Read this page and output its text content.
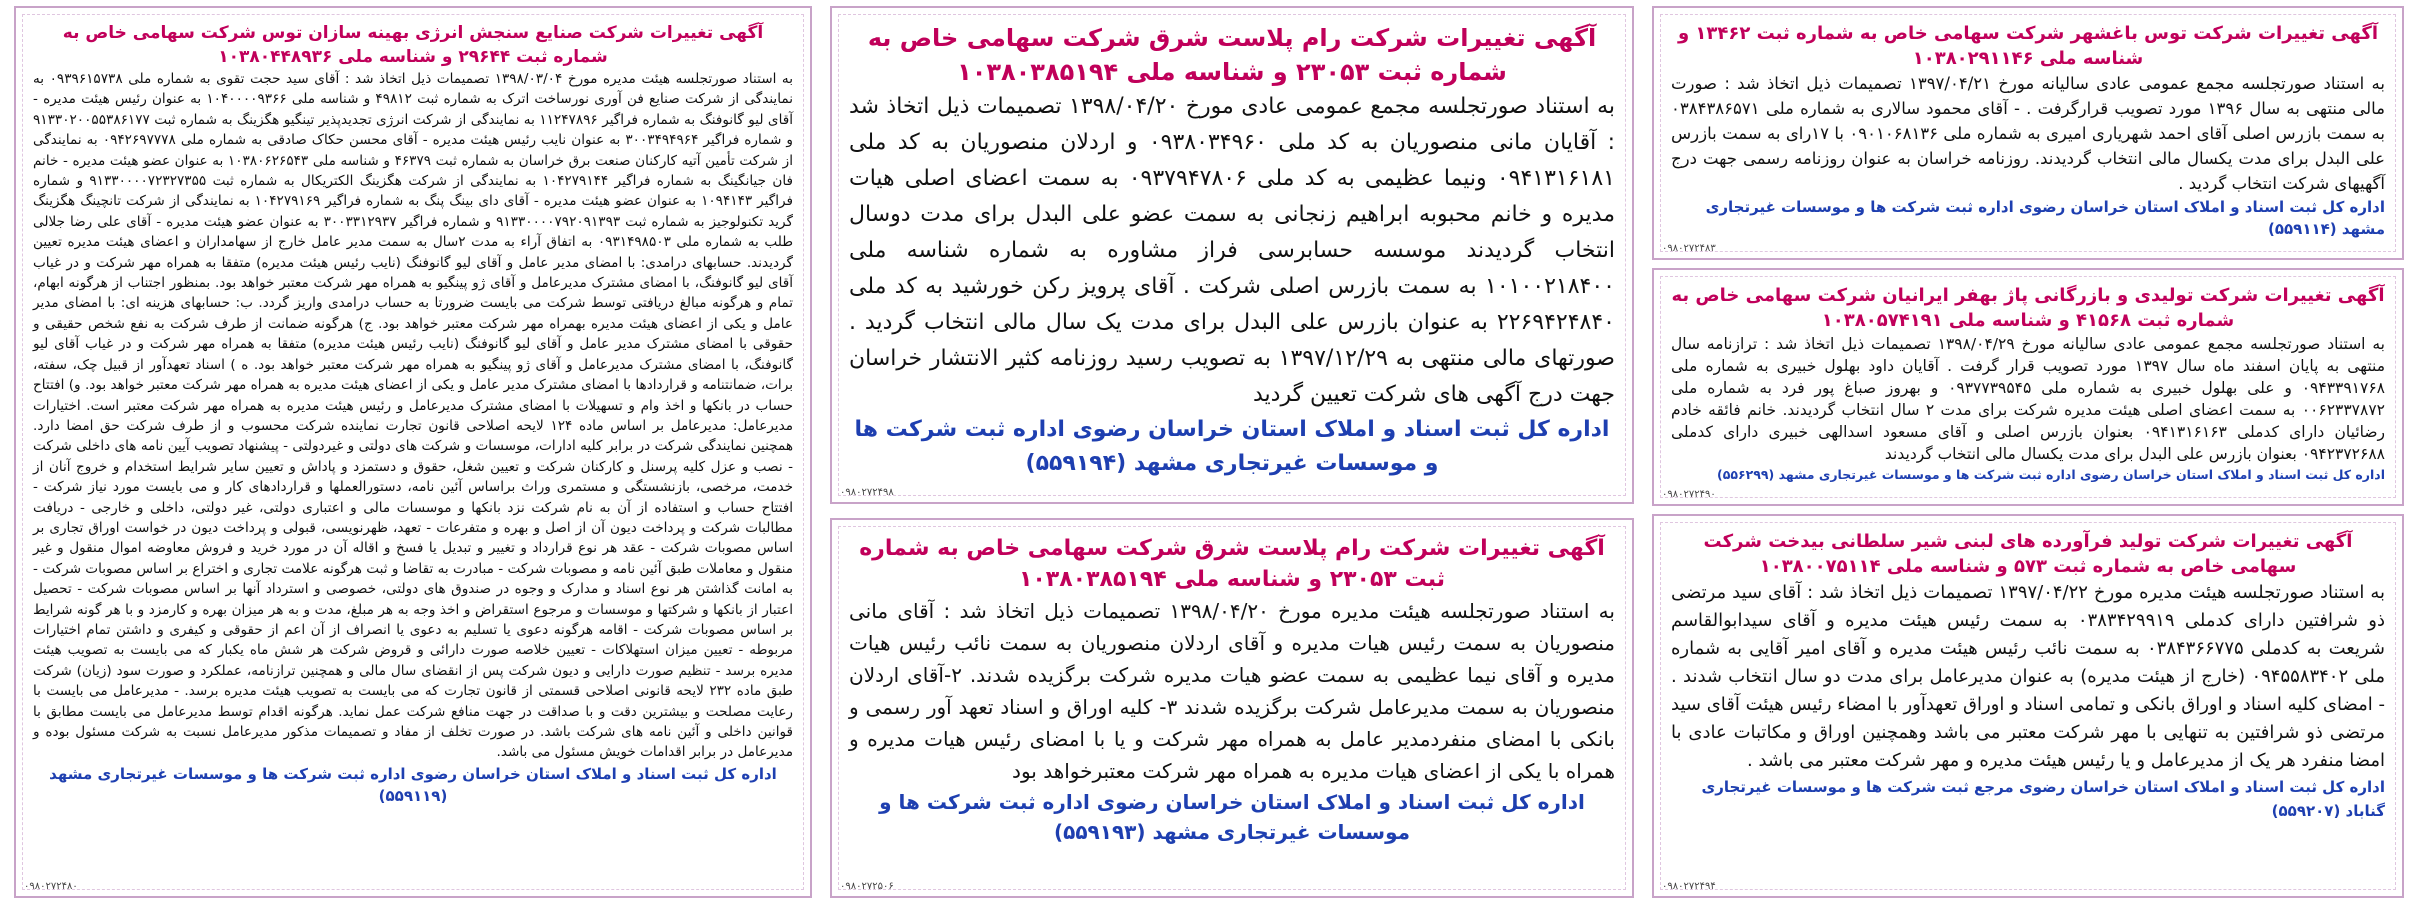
آگهی تغییرات شرکت توس باغشهر شرکت سهامی خاص به شماره ثبت ۱۳۴۶۲ و شناسه ملی ۱۰۳۸۰۲۹۱۱۴۶

به استناد صورتجلسه مجمع عمومی عادی سالیانه مورخ ۱۳۹۷/۰۴/۲۱ تصمیمات ذیل اتخاذ شد : صورت مالی منتهی به سال ۱۳۹۶ مورد تصویب قرارگرفت . - آقای محمود سالاری به شماره ملی ۰۳۸۴۳۸۶۵۷۱ به سمت بازرس اصلی آقای احمد شهریاری امیری به شماره ملی ۰۹۰۱۰۶۸۱۳۶ با ۱۷رای به سمت بازرس علی البدل برای مدت یکسال مالی انتخاب گردیدند. روزنامه خراسان به عنوان روزنامه رسمی جهت درج آگهیهای شرکت انتخاب گردید .

اداره کل ثبت اسناد و املاک استان خراسان رضوی اداره ثبت شرکت ها و موسسات غیرتجاری مشهد (۵۵۹۱۱۴)

۰۹۸۰۲۷۲۴۸۳

آگهی تغییرات شرکت تولیدی و بازرگانی پاژ بهفر ایرانیان شرکت سهامی خاص به شماره ثبت ۴۱۵۶۸ و شناسه ملی ۱۰۳۸۰۵۷۴۱۹۱

به استناد صورتجلسه مجمع عمومی عادی سالیانه مورخ ۱۳۹۸/۰۴/۲۹ تصمیمات ذیل اتخاذ شد : ترازنامه سال منتهی به پایان اسفند ماه سال ۱۳۹۷ مورد تصویب قرار گرفت . آقایان داود بهلول خبیری به شماره ملی ۰۹۴۳۳۹۱۷۶۸ و علی بهلول خبیری به شماره ملی ۰۹۳۷۷۳۹۵۴۵ و بهروز صباغ پور فرد به شماره ملی ۰۰۶۲۳۳۷۸۷۲ به سمت اعضای اصلی هیئت مدیره شرکت برای مدت ۲ سال انتخاب گردیدند. خانم فائقه خادم رضائیان دارای کدملی ۰۹۴۱۳۱۶۱۶۳ بعنوان بازرس اصلی و آقای مسعود اسدالهی خبیری دارای کدملی ۰۹۴۲۳۷۲۶۸۸ بعنوان بازرس علی البدل برای مدت یکسال مالی انتخاب گردیدند

اداره کل ثبت اسناد و املاک استان خراسان رضوی اداره ثبت شرکت ها و موسسات غیرتجاری مشهد (۵۵۶۲۹۹)

۰۹۸۰۲۷۲۴۹۰

آگهی تغییرات شرکت تولید فرآورده های لبنی شیر سلطانی بیدخت شرکت سهامی خاص به شماره ثبت ۵۷۳ و شناسه ملی ۱۰۳۸۰۰۷۵۱۱۴

به استناد صورتجلسه هیئت مدیره مورخ ۱۳۹۷/۰۴/۲۲ تصمیمات ذیل اتخاذ شد : آقای سید مرتضی ذو شرافتین دارای کدملی ۰۳۸۳۴۲۹۹۱۹ به سمت رئیس هیئت مدیره و آقای سیدابوالقاسم شریعت به کدملی ۰۳۸۴۳۶۶۷۷۵ به سمت نائب رئیس هیئت مدیره و آقای امیر آقایی به شماره ملی ۰۹۴۵۵۸۳۴۰۲ (خارج از هیئت مدیره) به عنوان مدیرعامل برای مدت دو سال انتخاب شدند . - امضای کلیه اسناد و اوراق بانکی و تمامی اسناد و اوراق تعهدآور با امضاء رئیس هیئت آقای سید مرتضی ذو شرافتین به تنهایی با مهر شرکت معتبر می باشد وهمچنین اوراق و مکاتبات عادی با امضا منفرد هر یک از مدیرعامل و یا رئیس هیئت مدیره و مهر شرکت معتبر می باشد .

اداره کل ثبت اسناد و املاک استان خراسان رضوی مرجع ثبت شرکت ها و موسسات غیرتجاری گناباد (۵۵۹۲۰۷)

۰۹۸۰۲۷۲۴۹۴

آگهی تغییرات شرکت رام پلاست شرق شرکت سهامی خاص به شماره ثبت ۲۳۰۵۳ و شناسه ملی ۱۰۳۸۰۳۸۵۱۹۴

به استناد صورتجلسه مجمع عمومی عادی مورخ ۱۳۹۸/۰۴/۲۰ تصمیمات ذیل اتخاذ شد : آقایان مانی منصوریان به کد ملی ۰۹۳۸۰۳۴۹۶۰ و اردلان منصوریان به کد ملی ۰۹۴۱۳۱۶۱۸۱ ونیما عظیمی به کد ملی ۰۹۳۷۹۴۷۸۰۶ به سمت اعضای اصلی هیات مدیره و خانم محبوبه ابراهیم زنجانی به سمت عضو علی البدل برای مدت دوسال انتخاب گردیدند موسسه حسابرسی فراز مشاوره به شماره شناسه ملی ۱۰۱۰۰۲۱۸۴۰۰ به سمت بازرس اصلی شرکت . آقای پرویز رکن خورشید به کد ملی ۲۲۶۹۴۲۴۸۴۰ به عنوان بازرس علی البدل برای مدت یک سال مالی انتخاب گردید . صورتهای مالی منتهی به ۱۳۹۷/۱۲/۲۹ به تصویب رسید روزنامه کثیر الانتشار خراسان جهت درج آگهی های شرکت تعیین گردید

اداره کل ثبت اسناد و املاک استان خراسان رضوی اداره ثبت شرکت ها و موسسات غیرتجاری مشهد (۵۵۹۱۹۴)

۰۹۸۰۲۷۲۴۹۸

آگهی تغییرات شرکت رام پلاست شرق شرکت سهامی خاص به شماره ثبت ۲۳۰۵۳ و شناسه ملی ۱۰۳۸۰۳۸۵۱۹۴

به استناد صورتجلسه هیئت مدیره مورخ ۱۳۹۸/۰۴/۲۰ تصمیمات ذیل اتخاذ شد : آقای مانی منصوریان به سمت رئیس هیات مدیره و آقای اردلان منصوریان به سمت نائب رئیس هیات مدیره و آقای نیما عظیمی به سمت عضو هیات مدیره شرکت برگزیده شدند. ۲-آقای اردلان منصوریان به سمت مدیرعامل شرکت برگزیده شدند ۳- کلیه اوراق و اسناد تعهد آور رسمی و بانکی با امضای منفردمدیر عامل به همراه مهر شرکت و یا با امضای رئیس هیات مدیره و همراه با یکی از اعضای هیات مدیره به همراه مهر شرکت معتبرخواهد بود

اداره کل ثبت اسناد و املاک استان خراسان رضوی اداره ثبت شرکت ها و موسسات غیرتجاری مشهد (۵۵۹۱۹۳)

۰۹۸۰۲۷۲۵۰۶

آگهی تغییرات شرکت صنایع سنجش انرژی بهینه سازان توس شرکت سهامی خاص به شماره ثبت ۲۹۶۴۴ و شناسه ملی ۱۰۳۸۰۴۴۸۹۳۶

به استناد صورتجلسه هیئت مدیره مورخ ۱۳۹۸/۰۳/۰۴ تصمیمات ذیل اتخاذ شد : آقای سید حجت تقوی به شماره ملی ۰۹۳۹۶۱۵۷۳۸ به نمایندگی از شرکت صنایع فن آوری نورساخت اترک به شماره ثبت ۴۹۸۱۲ و شناسه ملی ۱۰۴۰۰۰۰۹۳۶۶ به عنوان رئیس هیئت مدیره - آقای لیو گانوفنگ به شماره فراگیر ۱۱۲۴۷۸۹۶ به نمایندگی از شرکت انرژی تجدیدپذیر تینگیو هگزینگ به شماره ثبت ۹۱۳۳۰۲۰۰۵۵۳۸۶۱۷۷ و شماره فراگیر ۳۰۰۳۴۹۴۹۶۴ به عنوان نایب رئیس هیئت مدیره - آقای محسن حکاک صادقی به شماره ملی ۰۹۴۲۶۹۷۷۷۸ به نمایندگی از شرکت تأمین آتیه کارکنان صنعت برق خراسان به شماره ثبت ۴۶۳۷۹ و شناسه ملی ۱۰۳۸۰۶۲۶۵۴۳ به عنوان عضو هیئت مدیره - خانم فان جیانگینگ به شماره فراگیر ۱۰۴۲۷۹۱۴۴ به نمایندگی از شرکت هگزینگ الکتریکال به شماره ثبت ۹۱۳۳۰۰۰۰۷۲۳۲۷۳۵۵ و شماره فراگیر ۱۰۹۴۱۴۳ به عنوان عضو هیئت مدیره - آقای دای بینگ پنگ به شماره فراگیر ۱۰۴۲۷۹۱۶۹ به نمایندگی از شرکت تانچینگ هگزینگ گرید تکنولوجیز به شماره ثبت ۹۱۳۳۰۰۰۰۷۹۲۰۹۱۳۹۳ و شماره فراگیر ۳۰۰۳۳۱۲۹۳۷ به عنوان عضو هیئت مدیره - آقای علی رضا جلالی طلب به شماره ملی ۰۹۳۱۴۹۸۵۰۳ به اتفاق آراء به مدت ۲سال به سمت مدیر عامل خارج از سهامداران و اعضای هیئت مدیره تعیین گردیدند. حسابهای درامدی: با امضای مدیر عامل و آقای لیو گانوفنگ (نایب رئیس هیئت مدیره) متفقا به همراه مهر شرکت و در غیاب آقای لیو گانوفنگ، با امضای مشترک مدیرعامل و آقای ژو پینگیو به همراه مهر شرکت معتبر خواهد بود. بمنظور اجتناب از هرگونه ابهام، تمام و هرگونه مبالغ دریافتی توسط شرکت می بایست ضرورتا به حساب درامدی واریز گردد. ب: حسابهای هزینه ای: با امضای مدیر عامل و یکی از اعضای هیئت مدیره بهمراه مهر شرکت معتبر خواهد بود. ج) هرگونه ضمانت از طرف شرکت به نفع شخص حقیقی و حقوقی با امضای مشترک مدیر عامل و آقای لیو گانوفنگ (نایب رئیس هیئت مدیره) متفقا به همراه مهر شرکت و در غیاب آقای لیو گانوفنگ، با امضای مشترک مدیرعامل و آقای ژو پینگیو به همراه مهر شرکت معتبر خواهد بود. ه ) اسناد تعهدآور از قبیل چک، سفته، برات، ضمانتنامه و قراردادها با امضای مشترک مدیر عامل و یکی از اعضای هیئت مدیره به همراه مهر شرکت معتبر خواهد بود. و) افتتاح حساب در بانکها و اخذ وام و تسهیلات با امضای مشترک مدیرعامل و رئیس هیئت مدیره به همراه مهر شرکت معتبر است. اختیارات مدیرعامل: مدیرعامل بر اساس ماده ۱۲۴ لایحه اصلاحی قانون تجارت نماینده شرکت محسوب و از طرف شرکت حق امضا دارد. همچنین نمایندگی شرکت در برابر کلیه ادارات، موسسات و شرکت های دولتی و غیردولتی - پیشنهاد تصویب آیین نامه های داخلی شرکت - نصب و عزل کلیه پرسنل و کارکنان شرکت و تعیین شغل، حقوق و دستمزد و پاداش و تعیین سایر شرایط استخدام و خروج آنان از خدمت، مرخصی، بازنشستگی و مستمری وراث براساس آئین نامه، دستورالعملها و قراردادهای کار و می بایست مورد نیاز شرکت - افتتاح حساب و استفاده از آن به نام شرکت نزد بانکها و موسسات مالی و اعتباری دولتی، غیر دولتی، داخلی و خارجی - دریافت مطالبات شرکت و پرداخت دیون آن از اصل و بهره و متفرعات - تعهد، ظهرنویسی، قبولی و پرداخت دیون در خواست اوراق تجاری بر اساس مصوبات شرکت - عقد هر نوع قرارداد و تغییر و تبدیل یا فسخ و اقاله آن در مورد خرید و فروش معاوضه اموال منقول و غیر منقول و معاملات طبق آئین نامه و مصوبات شرکت - مبادرت به تقاضا و ثبت هرگونه علامت تجاری و اختراع بر اساس مصوبات شرکت - به امانت گذاشتن هر نوع اسناد و مدارک و وجوه در صندوق های دولتی، خصوصی و استرداد آنها بر اساس مصوبات شرکت - تحصیل اعتبار از بانکها و شرکتها و موسسات و مرجوع استقراض و اخذ وجه به هر مبلغ، مدت و به هر میزان بهره و کارمزد و با هر گونه شرایط بر اساس مصوبات شرکت - اقامه هرگونه دعوی یا تسلیم به دعوی یا انصراف از آن اعم از حقوقی و کیفری و داشتن تمام اختیارات مربوطه - تعیین میزان استهلاکات - تعیین خلاصه صورت دارائی و قروض شرکت هر شش ماه یکبار که می بایست به تصویب هیئت مدیره برسد - تنظیم صورت دارایی و دیون شرکت پس از انقضای سال مالی و همچنین ترازنامه، عملکرد و صورت سود (زیان) شرکت طبق ماده ۲۳۲ لایحه قانونی اصلاحی قسمتی از قانون تجارت که می بایست به تصویب هیئت مدیره برسد. - مدیرعامل می بایست با رعایت مصلحت و بیشترین دقت و با صداقت در جهت منافع شرکت عمل نماید. هرگونه اقدام توسط مدیرعامل می بایست مطابق با قوانین داخلی و آئین نامه های شرکت باشد. در صورت تخلف از مفاد و تصمیمات مذکور مدیرعامل نسبت به شرکت مسئول بوده و مدیرعامل در برابر اقدامات خویش مسئول می باشد.

اداره کل ثبت اسناد و املاک استان خراسان رضوی اداره ثبت شرکت ها و موسسات غیرتجاری مشهد (۵۵۹۱۱۹)

۰۹۸۰۲۷۲۴۸۰
